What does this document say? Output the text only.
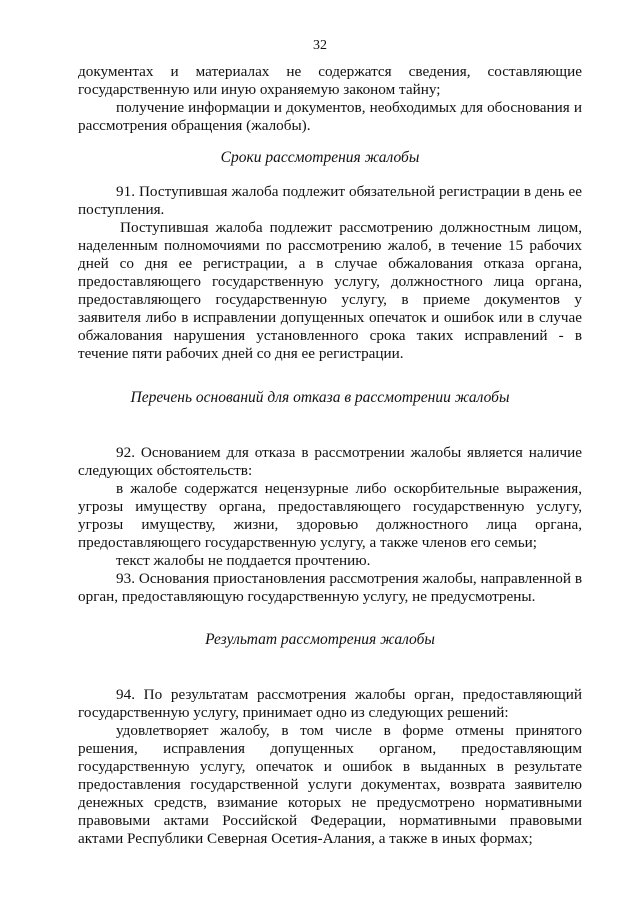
32

документах и материалах не содержатся сведения, составляющие государственную или иную охраняемую законом тайну;

получение информации и документов, необходимых для обоснования и рассмотрения обращения (жалобы).

Сроки рассмотрения жалобы

91. Поступившая жалоба подлежит обязательной регистрации в день ее поступления.

Поступившая жалоба подлежит рассмотрению должностным лицом, наделенным полномочиями по рассмотрению жалоб, в течение 15 рабочих дней со дня ее регистрации, а в случае обжалования отказа органа, предоставляющего государственную услугу, должностного лица органа, предоставляющего государственную услугу, в приеме документов у заявителя либо в исправлении допущенных опечаток и ошибок или в случае обжалования нарушения установленного срока таких исправлений - в течение пяти рабочих дней со дня ее регистрации.

Перечень оснований для отказа в рассмотрении жалобы

92. Основанием для отказа в рассмотрении жалобы является наличие следующих обстоятельств:

в жалобе содержатся нецензурные либо оскорбительные выражения, угрозы имуществу органа, предоставляющего государственную услугу, угрозы имуществу, жизни, здоровью должностного лица органа, предоставляющего государственную услугу, а также членов его семьи;

текст жалобы не поддается прочтению.

93. Основания приостановления рассмотрения жалобы, направленной в орган, предоставляющую государственную услугу, не предусмотрены.

Результат рассмотрения жалобы

94. По результатам рассмотрения жалобы орган, предоставляющий государственную услугу, принимает одно из следующих решений:

удовлетворяет жалобу, в том числе в форме отмены принятого решения, исправления допущенных органом, предоставляющим государственную услугу, опечаток и ошибок в выданных в результате предоставления государственной услуги документах, возврата заявителю денежных средств, взимание которых не предусмотрено нормативными правовыми актами Российской Федерации, нормативными правовыми актами Республики Северная Осетия-Алания, а также в иных формах;
